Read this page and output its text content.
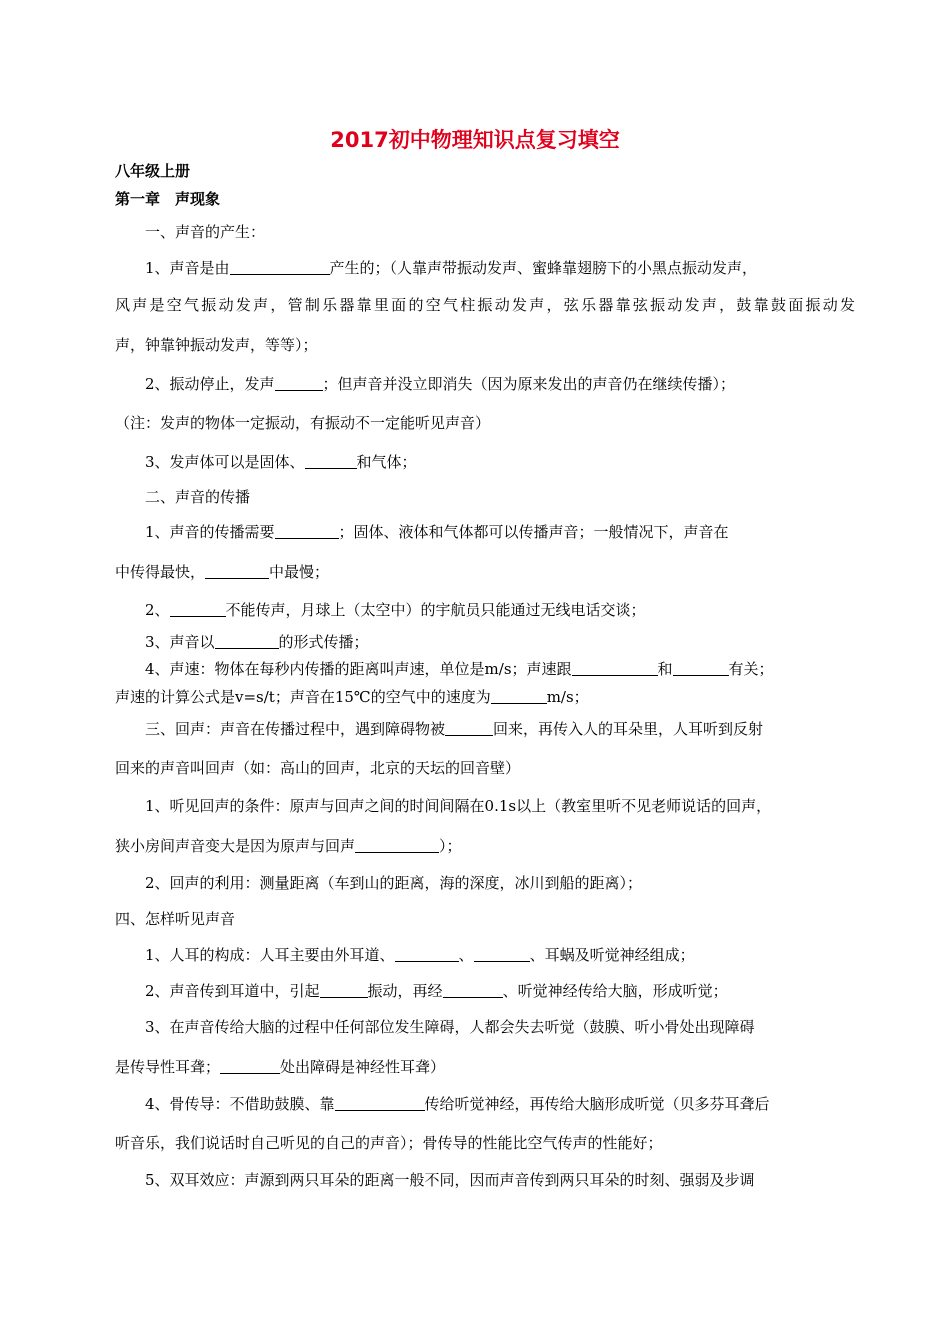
2017初中物理知识点复习填空
八年级上册
第一章　声现象
一、声音的产生：
1、声音是由	产生的；（人靠声带振动发声、蜜蜂靠翅膀下的小黑点振动发声，
风声是空气振动发声，管制乐器靠里面的空气柱振动发声，弦乐器靠弦振动发声，鼓靠鼓面振动发
声，钟靠钟振动发声，等等）；
2、振动停止，发声	；但声音并没立即消失（因为原来发出的声音仍在继续传播）；
（注：发声的物体一定振动，有振动不一定能听见声音）
3、发声体可以是固体、	和气体；
二、声音的传播
1、声音的传播需要	；固体、液体和气体都可以传播声音；一般情况下，声音在
中传得最快，	中最慢；
2、	不能传声，月球上（太空中）的宇航员只能通过无线电话交谈；
3、声音以	的形式传播；
4、声速：物体在每秒内传播的距离叫声速，单位是m/s；声速跟	和	有关；
声速的计算公式是v=s/t；声音在15℃的空气中的速度为	m/s；
三、回声：声音在传播过程中，遇到障碍物被	回来，再传入人的耳朵里，人耳听到反射
回来的声音叫回声（如：高山的回声，北京的天坛的回音壁）
1、听见回声的条件：原声与回声之间的时间间隔在0.1s以上（教室里听不见老师说话的回声，
狭小房间声音变大是因为原声与回声	）；
2、回声的利用：测量距离（车到山的距离，海的深度，冰川到船的距离）；
四、怎样听见声音
1、人耳的构成：人耳主要由外耳道、	、	、耳蜗及听觉神经组成；
2、声音传到耳道中，引起	振动，再经	、听觉神经传给大脑，形成听觉；
3、在声音传给大脑的过程中任何部位发生障碍，人都会失去听觉（鼓膜、听小骨处出现障碍
是传导性耳聋；	处出障碍是神经性耳聋）
4、骨传导：不借助鼓膜、靠	传给听觉神经，再传给大脑形成听觉（贝多芬耳聋后
听音乐，我们说话时自己听见的自己的声音）；骨传导的性能比空气传声的性能好；
5、双耳效应：声源到两只耳朵的距离一般不同，因而声音传到两只耳朵的时刻、强弱及步调
